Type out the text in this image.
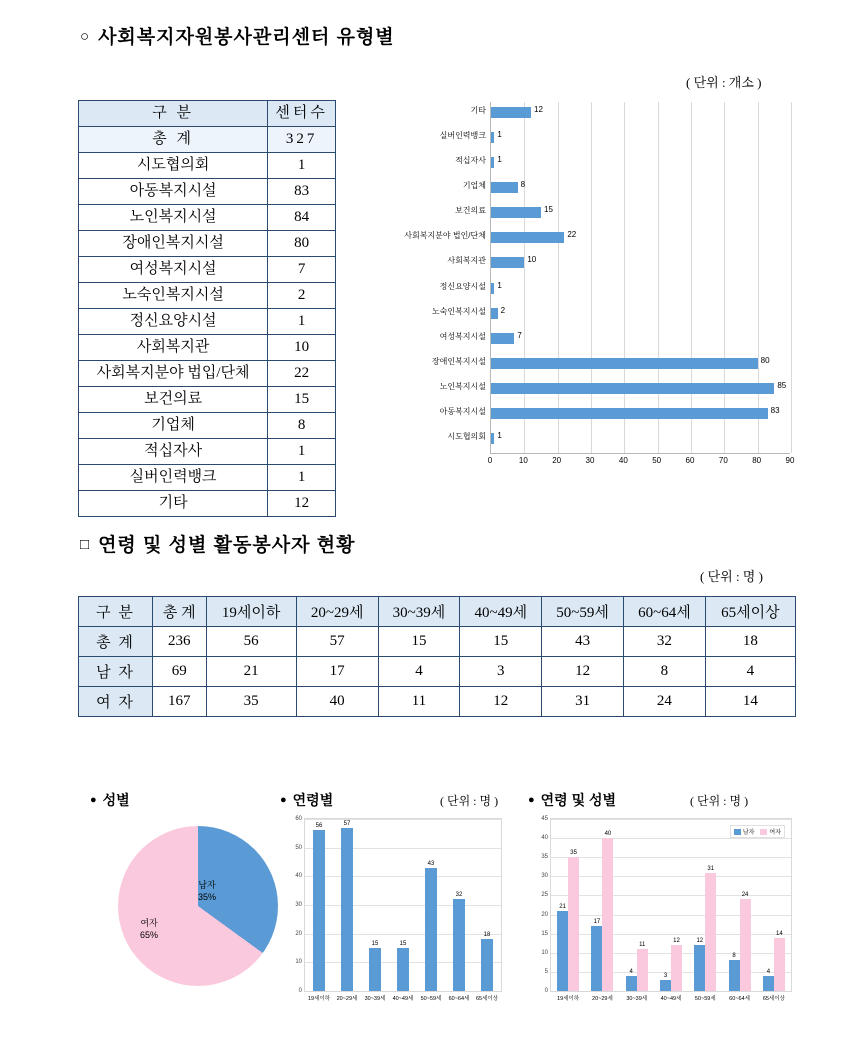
○ 사회복지자원봉사관리센터 유형별
( 단위 : 개소 )
구 분	센터수
총 계	327
시도협의회	1
아동복지시설	83
노인복지시설	84
장애인복지시설	80
여성복지시설	7
노숙인복지시설	2
정신요양시설	1
사회복지관	10
사회복지분야 법입/단체	22
보건의료	15
기업체	8
적십자사	1
실버인력뱅크	1
기타	12
기타	12
실버인력뱅크 1
적십자사 1
기업체	8
보건의료	15
사회복지분야 법인/단체	22
사회복지관	10
정신요양시설 1
노숙인복지시설 2
여성복지시설	7
장애인복지시설	80
노인복지시설	85
아동복지시설	83
시도협의회 1
0	10	20	30	40	50	60	70	80	90
□ 연령 및 성별 활동봉사자 현황
( 단위 : 명 )
구 분	총 계	19세이하	20~29세	30~39세	40~49세	50~59세	60~64세	65세이상
총 계	236	56	57	15	15	43	32	18
남 자	69	21	17	4	3	12	8	4
여 자	167	35	40	11	12	31	24	14
● 성별	● 연령별	( 단위 : 명 )	● 연령 및 성별	( 단위 : 명 )
남자
35%
여자
65%
0
10
20
30
40
50
60
56
19세이하
57
20~29세
15
30~39세
15
40~49세
43
50~59세
32
60~64세
18
65세이상
0
5
10
15
20
25
30
35
40
45
21
35
19세이하
17
40
20~29세
4
11
30~39세
3
12
40~49세
12
31
50~59세
8
24
60~64세
4
14
65세이상
남자	여자
